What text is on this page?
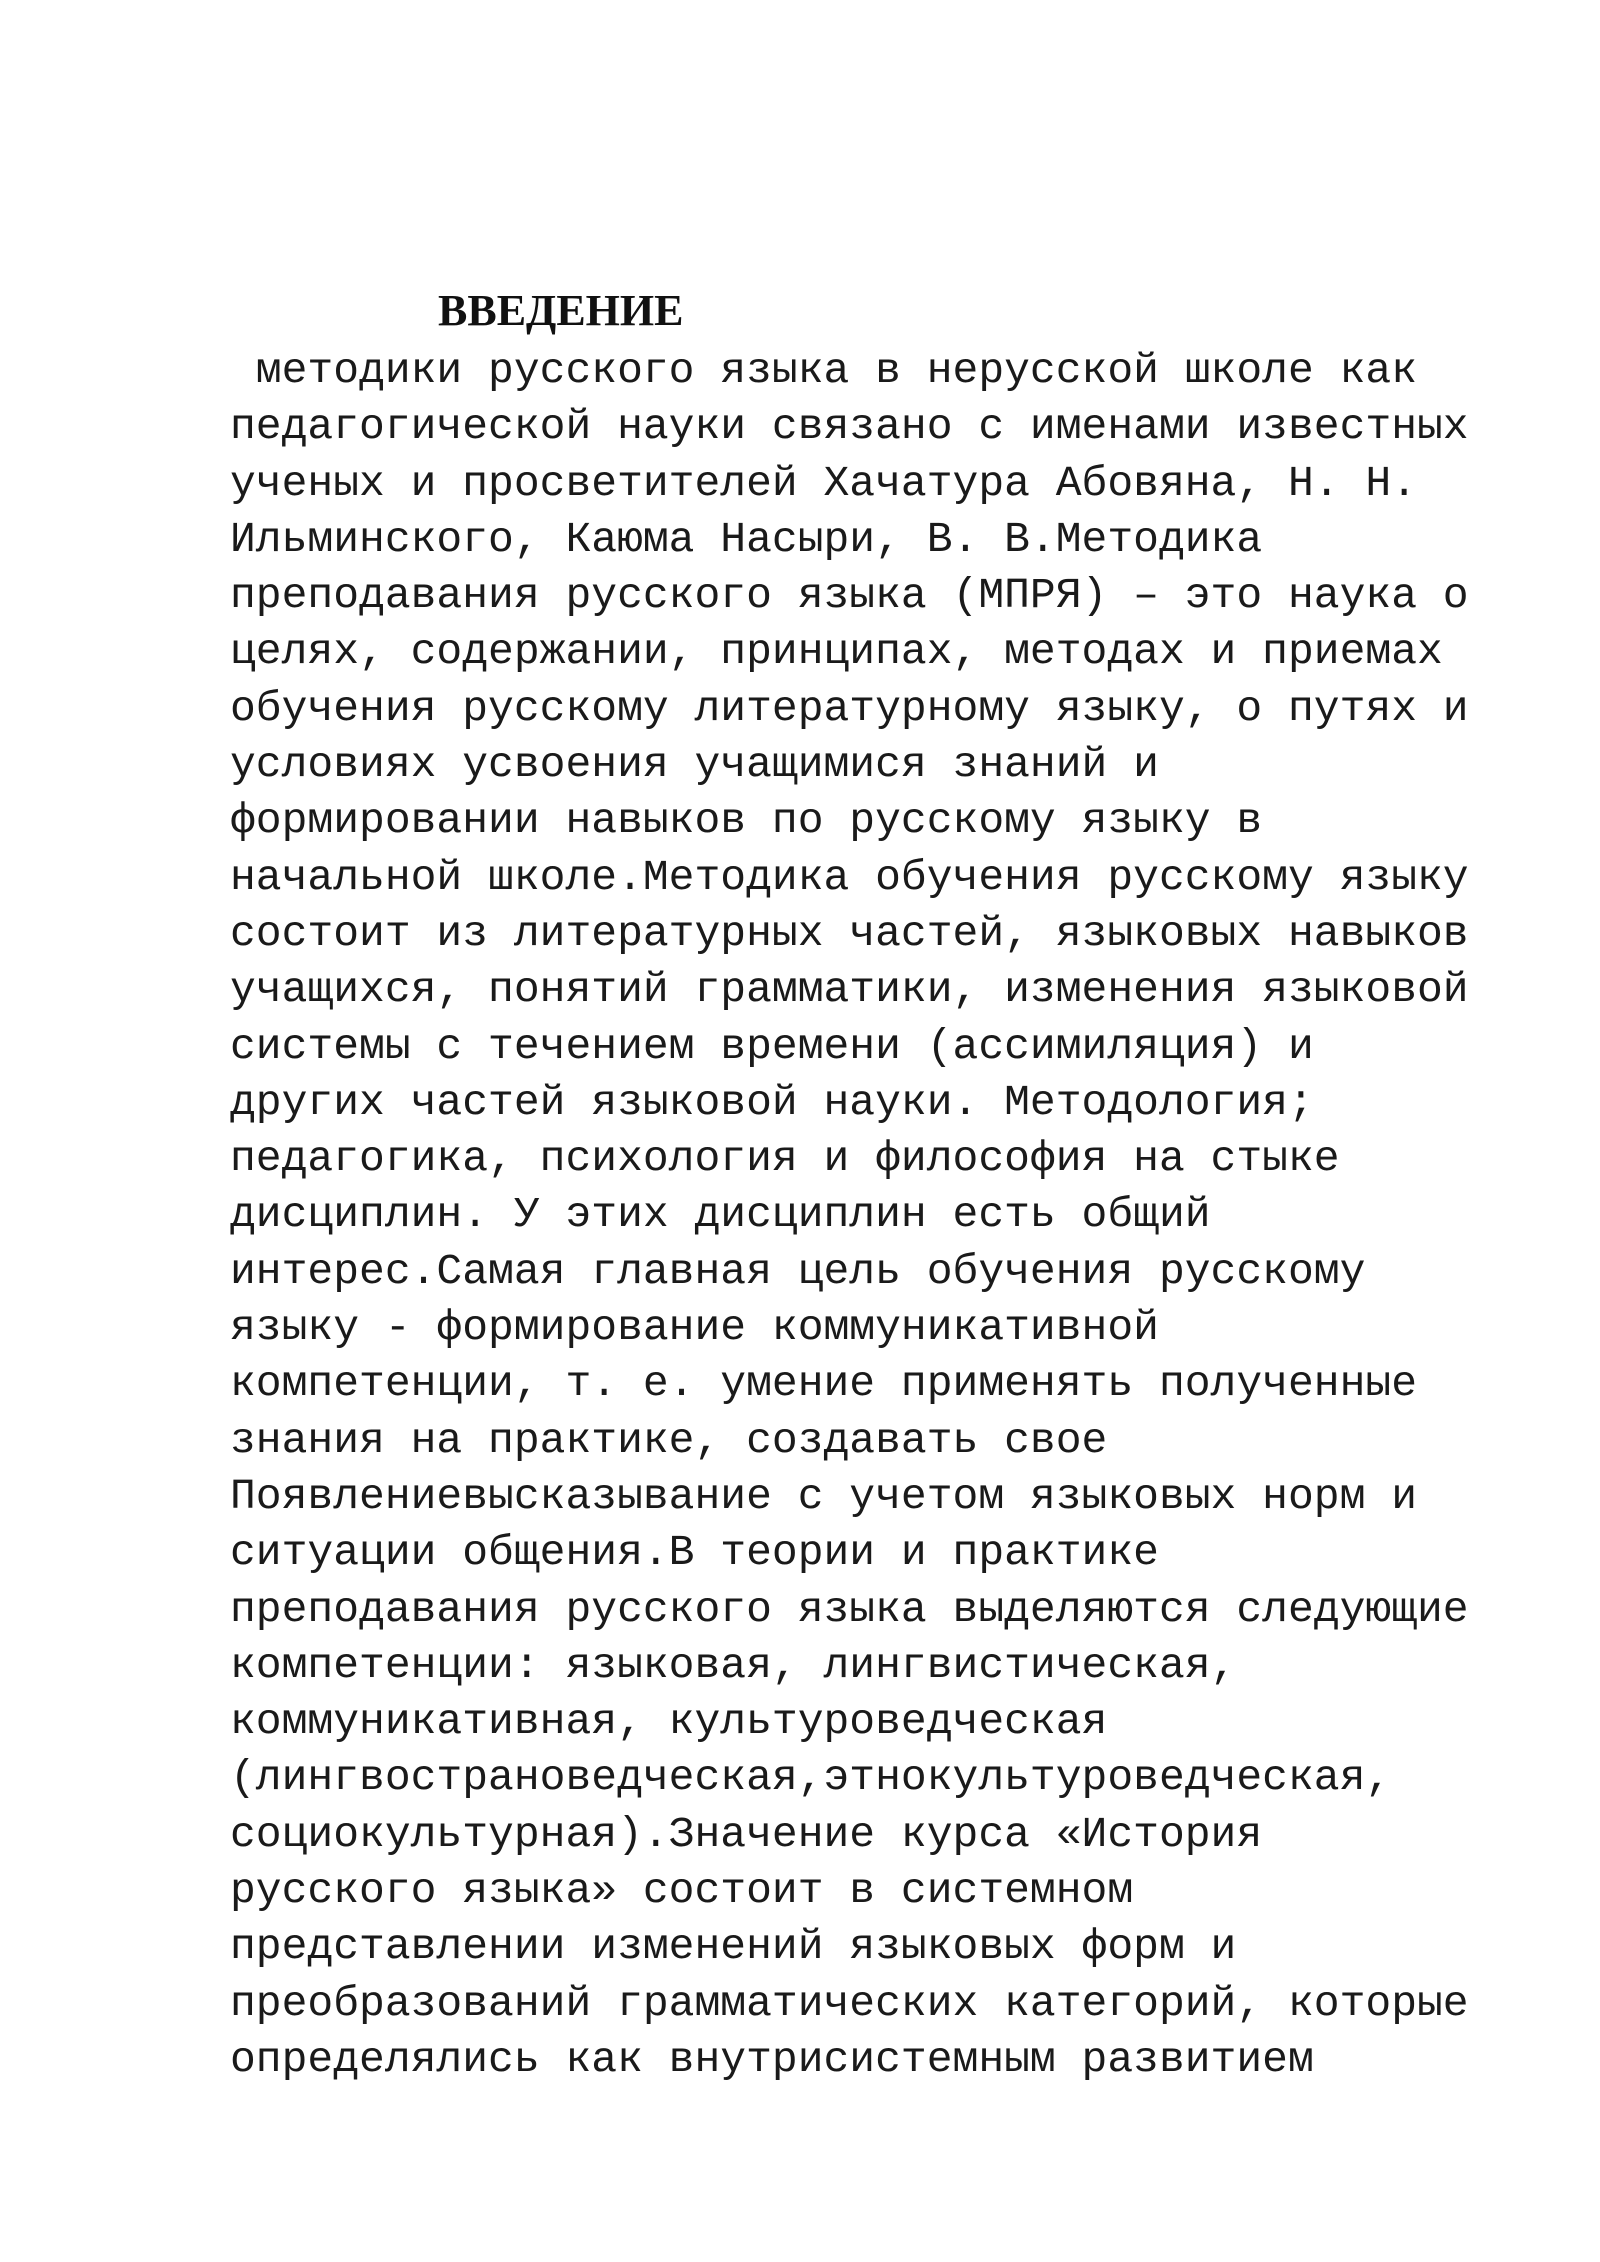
ВВЕДЕНИЕ
методики русского языка в нерусской школе как
педагогической науки связано с именами известных
ученых и просветителей Хачатура Абовяна, Н. Н.
Ильминского, Каюма Насыри, В. В.Методика
преподавания русского языка (МПРЯ) – это наука о
целях, содержании, принципах, методах и приемах
обучения русскому литературному языку, о путях и
условиях усвоения учащимися знаний и
формировании навыков по русскому языку в
начальной школе.Методика обучения русскому языку
состоит из литературных частей, языковых навыков
учащихся, понятий грамматики, изменения языковой
системы с течением времени (ассимиляция) и
других частей языковой науки. Методология;
педагогика, психология и философия на стыке
дисциплин. У этих дисциплин есть общий
интерес.Самая главная цель обучения русскому
языку - формирование коммуникативной
компетенции, т. е. умение применять полученные
знания на практике, создавать свое
Появлениевысказывание с учетом языковых норм и
ситуации общения.В теории и практике
преподавания русского языка выделяются следующие
компетенции: языковая, лингвистическая,
коммуникативная, культуроведческая
(лингвострановедческая,этнокультуроведческая,
социокультурная).Значение курса «История
русского языка» состоит в системном
представлении изменений языковых форм и
преобразований грамматических категорий, которые
определялись как внутрисистемным развитием
